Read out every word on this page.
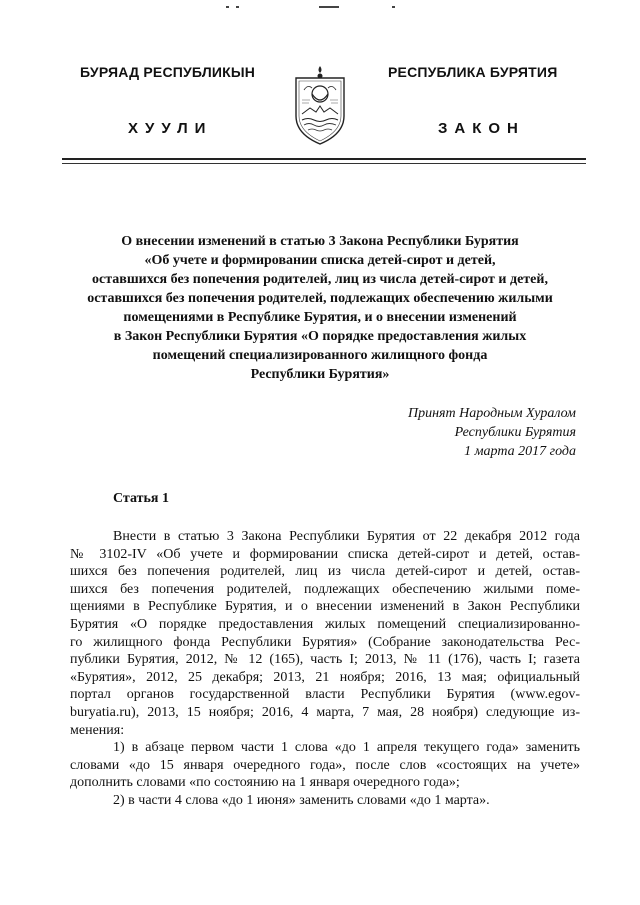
БУРЯАД РЕСПУБЛИКЫН	РЕСПУБЛИКА БУРЯТИЯ
ХУУЛИ	ЗАКОН
О внесении изменений в статью 3 Закона Республики Бурятия
«Об учете и формировании списка детей-сирот и детей,
оставшихся без попечения родителей, лиц из числа детей-сирот и детей,
оставшихся без попечения родителей, подлежащих обеспечению жилыми
помещениями в Республике Бурятия, и о внесении изменений
в Закон Республики Бурятия «О порядке предоставления жилых
помещений специализированного жилищного фонда
Республики Бурятия»
Принят Народным Хуралом
Республики Бурятия
1 марта 2017 года
Статья 1
Внести в статью 3 Закона Республики Бурятия от 22 декабря 2012 года
№ 3102-IV «Об учете и формировании списка детей-сирот и детей, остав-
шихся без попечения родителей, лиц из числа детей-сирот и детей, остав-
шихся без попечения родителей, подлежащих обеспечению жилыми поме-
щениями в Республике Бурятия, и о внесении изменений в Закон Республики
Бурятия «О порядке предоставления жилых помещений специализированно-
го жилищного фонда Республики Бурятия» (Собрание законодательства Рес-
публики Бурятия, 2012, № 12 (165), часть I; 2013, № 11 (176), часть I; газета
«Бурятия», 2012, 25 декабря; 2013, 21 ноября; 2016, 13 мая; официальный
портал органов государственной власти Республики Бурятия (www.egov-
buryatia.ru), 2013, 15 ноября; 2016, 4 марта, 7 мая, 28 ноября) следующие из-
менения:
1) в абзаце первом части 1 слова «до 1 апреля текущего года» заменить
словами «до 15 января очередного года», после слов «состоящих на учете»
дополнить словами «по состоянию на 1 января очередного года»;
2) в части 4 слова «до 1 июня» заменить словами «до 1 марта».
